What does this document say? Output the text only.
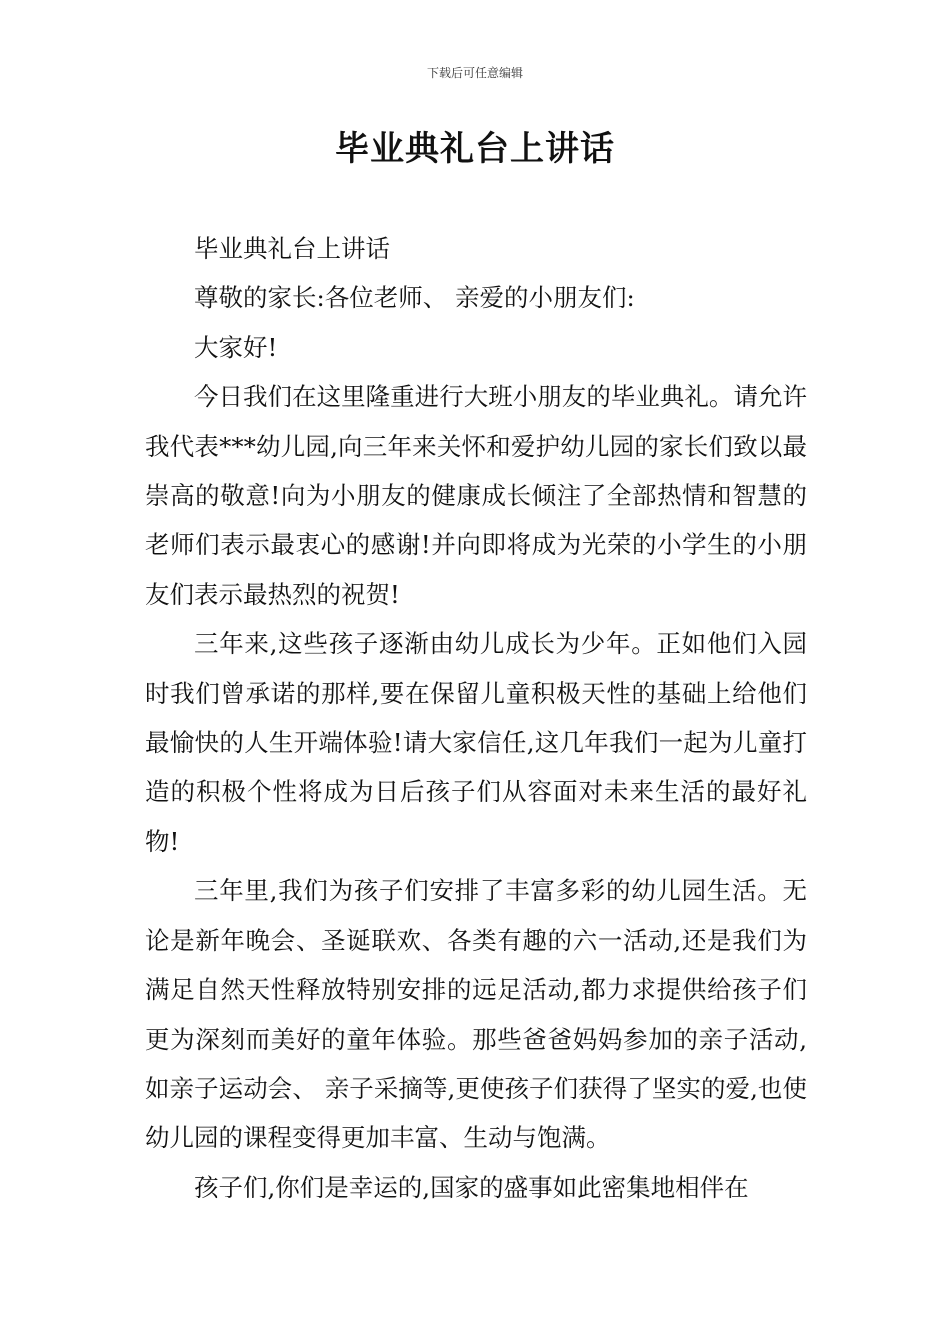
下载后可任意编辑
毕业典礼台上讲话

毕业典礼台上讲话

尊敬的家长:各位老师、 亲爱的小朋友们:

大家好!

今日我们在这里隆重进行大班小朋友的毕业典礼。请允许我代表***幼儿园,向三年来关怀和爱护幼儿园的家长们致以最崇高的敬意!向为小朋友的健康成长倾注了全部热情和智慧的老师们表示最衷心的感谢!并向即将成为光荣的小学生的小朋友们表示最热烈的祝贺!

三年来,这些孩子逐渐由幼儿成长为少年。正如他们入园时我们曾承诺的那样,要在保留儿童积极天性的基础上给他们最愉快的人生开端体验!请大家信任,这几年我们一起为儿童打造的积极个性将成为日后孩子们从容面对未来生活的最好礼物!

三年里,我们为孩子们安排了丰富多彩的幼儿园生活。无论是新年晚会、圣诞联欢、各类有趣的六一活动,还是我们为满足自然天性释放特别安排的远足活动,都力求提供给孩子们更为深刻而美好的童年体验。那些爸爸妈妈参加的亲子活动,如亲子运动会、 亲子采摘等,更使孩子们获得了坚实的爱,也使幼儿园的课程变得更加丰富、生动与饱满。

孩子们,你们是幸运的,国家的盛事如此密集地相伴在
